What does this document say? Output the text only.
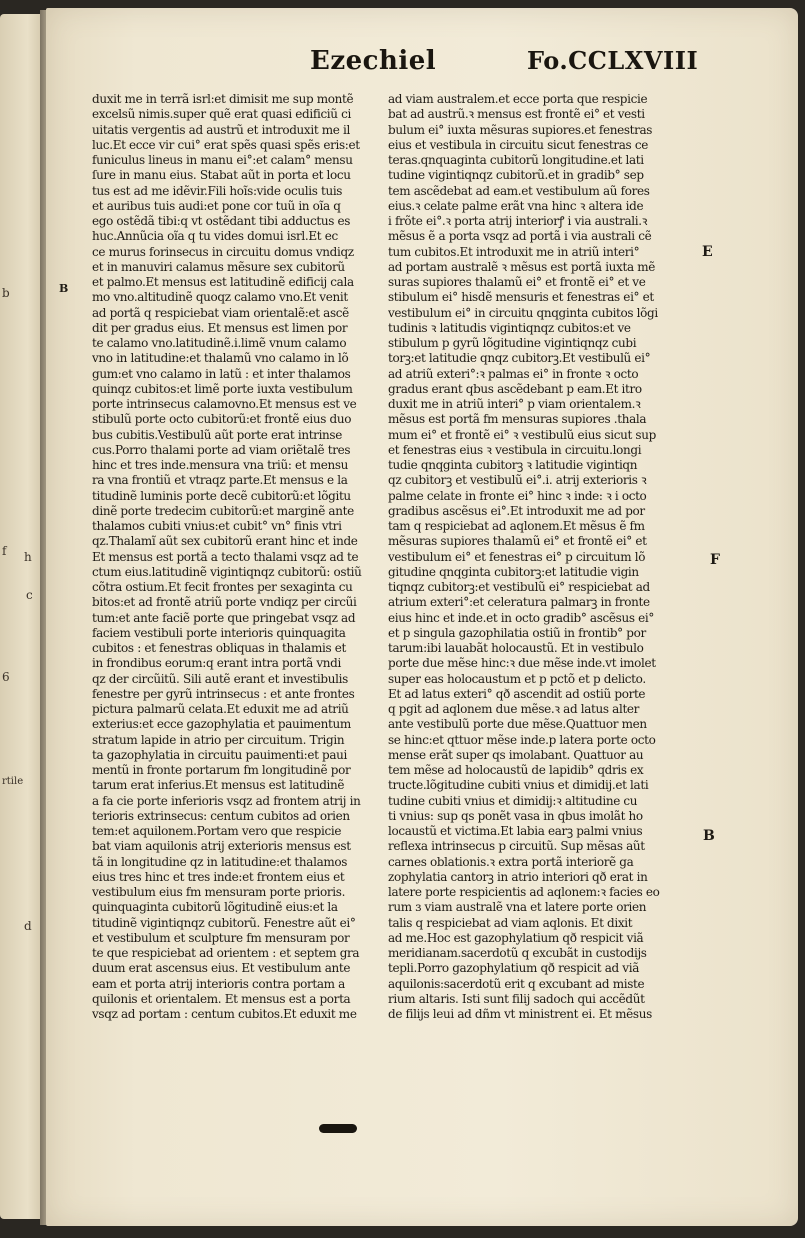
b
f h
c
6
rtile
d
Ezechiel	Fo.CCLXVIII
duxit me in terrã isrl:et dimisit me sup montẽ
excelsũ nimis.super quẽ erat quasi edificiũ ci
uitatis vergentis ad austrũ et introduxit me il
luc.Et ecce vir cui° erat spẽs quasi spẽs eris:et
funiculus lineus in manu ei°:et calam° mensu
ſure in manu eius. Stabat aũt in porta et locu
tus est ad me idẽvir.Fili hoĩs:vide oculis tuis
et auribus tuis audi:et pone cor tuũ in oĩa q
ego ostẽdã tibi:q vt ostẽdant tibi adductus es
huc.Annũcia oĩa q tu vides domui isrl.Et ec
ce murus forinsecus in circuitu domus vndiqz
et in manuviri calamus mẽsure sex cubitorũ
et palmo.Et mensus est latitudinẽ edificij cala
mo vno.altitudinẽ quoqz calamo vno.Et venit
ad portã q respiciebat viam orientalẽ:et ascẽ
dit per gradus eius. Et mensus est limen por
te calamo vno.latitudinẽ.i.limẽ vnum calamo
vno in latitudine:et thalamũ vno calamo in lõ
gum:et vno calamo in latũ : et inter thalamos
quinqz cubitos:et limẽ porte iuxta vestibulum
porte intrinsecus calamovno.Et mensus est ve
stibulũ porte octo cubitorũ:et frontẽ eius duo
bus cubitis.Vestibulũ aũt porte erat intrinse
cus.Porro thalami porte ad viam oriẽtalẽ tres
hinc et tres inde.mensura vna triũ: et mensu
ra vna frontiũ et vtraqz parte.Et mensus e la
titudinẽ luminis porte decẽ cubitorũ:et lõgitu
dinẽ porte tredecim cubitorũ:et marginẽ ante
thalamos cubiti vnius:et cubit° vn° finis vtri
qz.Thalamĩ aũt sex cubitorũ erant hinc et inde
Et mensus est portã a tecto thalami vsqz ad te
ctum eius.latitudinẽ vigintiqnqz cubitorũ: ostiũ
cõtra ostium.Et fecit frontes per sexaginta cu
bitos:et ad frontẽ atriũ porte vndiqz per circũi
tum:et ante faciẽ porte que pringebat vsqz ad
faciem vestibuli porte interioris quinquagita
cubitos : et fenestras obliquas in thalamis et
in frondibus eorum:q erant intra portã vndi
qz der circũitũ. Sili autẽ erant et investibulis
fenestre per gyrũ intrinsecus : et ante frontes
pictura palmarũ celata.Et eduxit me ad atriũ
exterius:et ecce gazophylatia et pauimentum
stratum lapide in atrio per circuitum. Trigin
ta gazophylatia in circuitu pauimenti:et paui
mentũ in fronte portarum fm longitudinẽ por
tarum erat inferius.Et mensus est latitudinẽ
a fa cie porte inferioris vsqz ad frontem atrij in
terioris extrinsecus: centum cubitos ad orien
tem:et aquilonem.Portam vero que respicie
bat viam aquilonis atrij exterioris mensus est
tã in longitudine qz in latitudine:et thalamos
eius tres hinc et tres inde:et frontem eius et
vestibulum eius fm mensuram porte prioris.
quinquaginta cubitorũ lõgitudinẽ eius:et la
titudinẽ vigintiqnqz cubitorũ. Fenestre aũt ei°
et vestibulum et sculpture fm mensuram por
te que respiciebat ad orientem : et septem gra
duum erat ascensus eius. Et vestibulum ante
eam et porta atrij interioris contra portam a
quilonis et orientalem. Et mensus est a porta
vsqz ad portam : centum cubitos.Et eduxit me
ad viam australem.et ecce porta que respicie
bat ad austrũ.ꝛ mensus est frontẽ ei° et vesti
bulum ei° iuxta mẽsuras supiores.et fenestras
eius et vestibula in circuitu sicut fenestras ce
teras.qnquaginta cubitorũ longitudine.et lati
tudine vigintiqnqz cubitorũ.et in gradib° sep
tem ascẽdebat ad eam.et vestibulum aũ fores
eius.ꝛ celate palme erãt vna hinc ꝛ altera ide
i frõte ei°.ꝛ porta atrij interiorꝭ i via australi.ꝛ
mẽsus ẽ a porta vsqz ad portã i via australi cẽ
tum cubitos.Et introduxit me in atriũ interi°
ad portam australẽ ꝛ mẽsus est portã iuxta mẽ
suras supiores thalamũ ei° et frontẽ ei° et ve
stibulum ei° hisdẽ mensuris et fenestras ei° et
vestibulum ei° in circuitu qnqginta cubitos lõgi
tudinis ꝛ latitudis vigintiqnqz cubitos:et ve
stibulum p gyrũ lõgitudine vigintiqnqz cubi
torꝫ:et latitudie qnqz cubitorꝫ.Et vestibulũ ei°
ad atriũ exteri°:ꝛ palmas ei° in fronte ꝛ octo
gradus erant qbus ascẽdebant p eam.Et itro
duxit me in atriũ interi° p viam orientalem.ꝛ
mẽsus est portã fm mensuras supiores .thala
mum ei° et frontẽ ei° ꝛ vestibulũ eius sicut sup
et fenestras eius ꝛ vestibula in circuitu.longi
tudie qnqginta cubitorꝫ ꝛ latitudie vigintiqn
qz cubitorꝫ et vestibulũ ei°.i. atrij exterioris ꝛ
palme celate in fronte ei° hinc ꝛ inde: ꝛ i octo
gradibus ascẽsus ei°.Et introduxit me ad por
tam q respiciebat ad aqlonem.Et mẽsus ẽ fm
mẽsuras supiores thalamũ ei° et frontẽ ei° et
vestibulum ei° et fenestras ei° p circuitum lõ
gitudine qnqginta cubitorꝫ:et latitudie vigin
tiqnqz cubitorꝫ:et vestibulũ ei° respiciebat ad
atrium exteri°:et celeratura palmarꝫ in fronte
eius hinc et inde.et in octo gradib° ascẽsus ei°
et p singula gazophilatia ostiũ in frontib° por
tarum:ibi lauabãt holocaustũ. Et in vestibulo
porte due mẽse hinc:ꝛ due mẽse inde.vt imolet
super eas holocaustum et p pctõ et p delicto.
Et ad latus exteri° qð ascendit ad ostiũ porte
q pgit ad aqlonem due mẽse.ꝛ ad latus alter
ante vestibulũ porte due mẽse.Quattuor men
se hinc:et qttuor mẽse inde.p latera porte octo
mense erãt super qs imolabant. Quattuor au
tem mẽse ad holocaustũ de lapidib° qdris ex
tructe.lõgitudine cubiti vnius et dimidij.et lati
tudine cubiti vnius et dimidij:ꝛ altitudine cu
ti vnius: sup qs ponẽt vasa in qbus imolãt ho
locaustũ et victima.Et labia earꝫ palmi vnius
reflexa intrinsecus p circuitũ. Sup mẽsas aũt
carnes oblationis.ꝛ extra portã interiorẽ ga
zophylatia cantorꝫ in atrio interiori qð erat in
latere porte respicientis ad aqlonem:ꝛ facies eo
rum ɜ viam australẽ vna et latere porte orien
talis q respiciebat ad viam aqlonis. Et dixit
ad me.Hoc est gazophylatium qð respicit viã
meridianam.sacerdotũ q excubãt in custodijs
tepli.Porro gazophylatium qð respicit ad viã
aquilonis:sacerdotũ erit q excubant ad miste
rium altaris. Isti sunt filij sadoch qui accẽdũt
de filijs leui ad dñm vt ministrent ei. Et mẽsus
E
F
B
B
